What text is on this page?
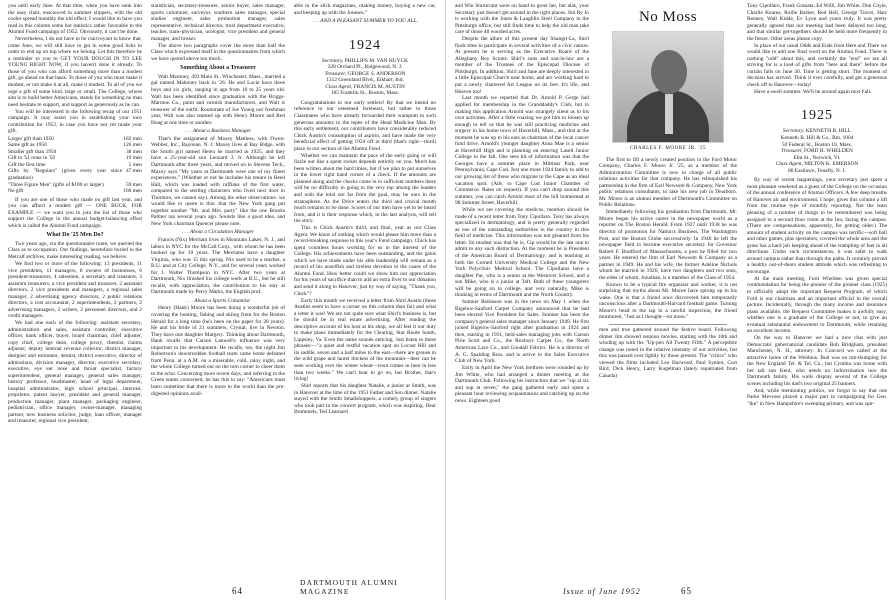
you until early June. At that time, when you have sunk into the easy chair, ensconced in summer slippers, with the old cooler spread monthly the old effect, I would like to have you read in this column some hot statistics rather favorable to the Alumni Fund campaign of 1952. Obviously, it can't be done.

Nevertheless, I do not have to be clairvoyant to know that, come June, we will still have to get in some good licks in order to end up on top where we belong. Let this therefore be a reminder to you to GET YOUR DOUGH IN TO LEE YOUNG RIGHT NOW, if you haven't done it already. To those of you who can afford something more than a modest gift, go ahead on that basis. To those of you who must make it modest, or not make it at all, make it modest. To all of you we urge a gift of some kind, large or small. The College, whose aim is to build better Americans, stands for something no man need hesitate to support, and support as generously as he can.

You will be interested in the following recap of our 1951 campaign. It may assist you in establishing your own contribution for 1952, in case you have not yet made your gift.

Larger gift than 1950	182 men
Same gift as 1950	126 men
Smaller gift than 1950	38 men
Gift in '51 none in '50	19 men
Gift the first time	5 men
Gifts by "Regulars" (given every year since graduation)
47 men
"Three Figure Men" (gifts of $100 or larger)	59 men
No gift	160 men

If you are one of those who made no gift last year, and you can afford a modest gift — ONE BUCK, FOR EXAMPLE — we want you to join the list of those who support the College in the annual budget-balancing effort which is called the Alumni Fund campaign.

What Do '25 Men Do?

Two years ago, via the questionnaire route, we queried the Class as to occupation. Our findings, heretofore buried in the Metcalf archives, make interesting reading, we believe.

We find two or more of the following: 13 presidents, 11 vice presidents, 11 managers, 8 owners of businesses, 6 president-treasurers, 4 salesmen, a secretary and treasurer, 3 assistant treasurers, a vice president and treasurer, 2 assistant directors, 2 vice presidents and managers, a regional sales manager, 2 advertising agency directors, 2 public relations directors, a cost accountant, 2 superintendents, 2 partners, 2 advertising managers, 2 writers, 2 personnel directors, and 2 credit managers.

We had one each of the following: assistant secretary, administration and sales, assistant controller, executive officer, bank officer, buyer, board chairman, chief adjuster, copy chief, college dean, college proxy, chemist, claims adjuster, deputy internal revenue collector, district manager, designer and estimator, dentist, district executive, director of admissions, division manager, director, executive secretary, executive, eye ear nose and throat specialist, factory superintendent, general manager, general sales manager, history professor, headmaster, head of legal department, hospital administrator, high school principal, internist, proprietor, patent lawyer, president and general manager, production manager, plant manager, packaging engineer, pediatrician, office manager, owner-manager, managing partner, new business solicitor, judge, loan officer, manager and treasurer, regional vice president,

statistician, secretary-treasurer, senior buyer, sales manager, sports columnist, surveyor, southern sales manager, special studies engineer, sales promotion manager, sales representative, technical director, trust department executive, teacher, trans-physician, urologist, vice president and general manager, and broker.

The above two paragraphs cover the more than half the Class which expressed itself in the questionnaires from which we have quoted above too much.

Something About a Treasurer

Walt Maroney, 493 Main St., Winchester, Mass., married a gal named Mahoney back in '26. He and Lucie have three boys and six girls, ranging in age from 10 to 25 years old. Walt has been identified since graduation with the Briggs-Marmon Co., paint and varnish manufacturers, and Walt is treasurer of the outfit. Roommate of Joe Young our freshman year, Walt was also teamed up with Henry Moore and Red Hoag at one time or another.

. . . About a Business Manager

That's the assignment of Maxey Mattless, with Owen-Webber, Inc., Bayonne, N. J. Maxey lives at Bay Ridge, with the Smith girl named Helen he married in 1925, and they have a 25-year-old son Leonard J. Jr. Although he left Dartmouth after three years, and moved on to Stevens Tech., Maxey says "My years at Dartmouth were one of my finest experiences." (Whether or not he includes his tenure in Reed Hall, which was loaded with ruffians of the first water, compared to the sterling characters who lived next door in Thornton, we cannot say). Among his other observations: we would like to quote is this: that the New York gang put together another "Mr. and Mrs. party" like the one Brooks Palmer ran several years ago. Sounds like a good idea, and New York chairman Quencer please note.

. . . About a Circulation Manager

Francis (Nix) Merriam lives in Mountain Lakes, N. J., and labors in NYC for the McCall Corp., with whom he has been hooked up for 10 years. The Merriams have a daughter Virginia, who was 15 this spring. Nix used to be a teacher, a B.U. and at City College, N.Y., and for several years worked for J. Walter Thompson in NYC. After two years at Dartmouth, Nix finished his college work at B.U., but he still recalls, with appreciation, the contribution to his stay at Dartmouth made by Percy Marks, the English prof.

. . . About a Sports Columnist

Henry (Hank) Moore has been doing a wonderful job of covering the hunting, fishing and skiing front for the Boston Herald for a long time (he's been on the paper for 28 years). He and his bride of 21 summers, Crystal, live in Newton. They have one daughter Margery. Thinking about Dartmouth, Hank recalls that Carson Lanwell's influence was very important to his development. He recalls, too, the night Jim Robertson's downtrodden football team came home defeated from Penn. at a A.M. on a miserable, cold, rainy night, and the whole College turned out on the torn corner to cheer them to the echo. Concerning more recent days, and referring to the Green teams concerned, he has this to say: "Americans must learn sometime that there is more to the world than the pre-digested opinions avail-

able in the slick magazines, making money, buying a new car, and keeping up with the Joneses."

. . . AND A PLEASANT SUMMER TO YOU ALL.
1924

Secretary, PHILLIPS M. VAN HUYCK

328 Orchard Pl., Ridgewood, N. J.

Treasurer, GEORGE S. ANDERSON

1312 Greenland Blvd., Elkhart, Ind.

Class Agent, FRANCIS M. AUSTIN

185 Franklin St., Boston, Mass.

Congratulations to our early settlers! By that we intend no reference to our esteemed forebears, but rather to those Classmates who have already forwarded their wampum in such generous amounts to the tepee of the Head Medicine Man. By this early settlement, our contributors have considerably reduced Chick Austin's consumption of aspirin, and have made the very beneficial effect of getting 1924 off in third (that's right—third) place in our section of the Alumni Fund.

Whether we can maintain the pace of the early going or will fizzle out like a spent rocket depends entirely on you. Much has been written about the hard times, but if we plan to put ourselves in the lower right hand corner of a check. If the amounts are planned along and the checks come in in sufficient numbers there will be no difficulty in going to the very top among the leaders and with the total not far from the goal, may be ours in the stratosphere. As the Drive enters the third and crucial month much remains to be done. Scores of our men have yet to be heard from, and it is their response which, in the last analysis, will tell the story.

This is Chick Austin's third, and final, year as our Class Agent. We know of nothing which would please him more than a record-breaking response to this year's Fund campaign. Chick has spent countless hours working for us in the interest of the College. His achievements have been outstanding, and the gains which we have made under his able leadership will remain as a record of his unselfish and tireless devotion to the cause of the Alumni Fund. How better could we show him our appreciation for his years of sacrifice than to add an extra fiver to our donation and send it along to Hanover, just by way of saying, "Thank you, Chick"?

Early this month we received a letter from Shirl Austin (these Austins seem to have a corner on this column than far) and what a letter it was! We are not quite sure what Shirl's business is, but he should be in real estate advertising. After reading the descriptive account of his host at his shop, we all feel it our duty to make plans immediately for the Clearing, Star Route South, Lippsiey, Va. Even the name sounds enticing. Just listen to these phrases:—"a quiet and restful vacation spot on Locust Hill and its saddle, seven and a half miles to the east—there are grouse in the wild grape and laurel thickets of the mountain—deer can be seen working over the winter wheat—trout comes in here in less than two weeks." We can't bear to go on, but Brother, that's living!

Shirl reports that his daughter Natalie, a junior at Smith, was in Hanover at the time of the 1951 Father and Son dinner. Natalie stayed with the Smith Smallshoppers, a comely group of singers who took part in the concert program, which was inspiring. Dear Brummels, Ted Learnard

64
DARTMOUTH ALUMNI MAGAZINE

and Win Sturtevant were on hand to greet her, but alas, your Secretary just doesn't get around in the right places. Jim Ry Jo is working with the Jones & Laughlin Steel Company in the Pittsburgh office, but still finds time to help the old man take care of those 40 wooded acres.

Despite the allure of this present day Shangri-La, Shirl finds time to participate in several activities of a civic nature. At present he is serving as the Executive Board of the Alleghany Boy Scouts. Shirl's sons and son-in-law are a member of the Trustees of the Episcopal Diocese of Pittsburgh. In addition, Shirl and Jane are deeply interested in a little Episcopal Church near home, and are working hard to put a newly chartered Art League on its feet. It's life, and Heaven too!

Last month we reported that Dr. Arnold P. Gerge had applied for membership in the Granddaddy's Club, but in making this application Arnold was strangely silent as to his own activities. After a little coaxing we got him to loosen up enough to tell us that he was still practicing medicine and surgery in his home town of Haverhill, Mass., and that at the moment he was up to his ears as chairman of the local cancer fund drive. Arnold's younger daughter Anna Mae is a senior at Haverhill High and is planning on entering Lasell Junior College in the fall. One sees bit of information was that the Georges have a summer place in Mittinar Park, near Pennsylvania, Cape Cod. Just one more 1924 family to add to our growing list of those who migrate to the Cape as an ideal vacation spot. (Adv. to Cape Cod Junior Chamber of Commerce. Rates on request). If you can't drop around this summer, you can catch Arnold most of the hill homestead at 98 Summer Street, Haverhill.

While we are covering the medicos, mention should be made of a recent letter from Tony Cipollaro. Tony has always specialized in dermatology, and is pretty generally regarded as one of the outstanding authorities in the country in this field of medicine. This information was not gleaned from his letter. So modest was that he is, Cip would be the last one to admit to any such distinction. At the moment he is President of the American Board of Dermatology, and is teaching at both the Cornell University Medical College and the New York Polyclinic Medical School. The Cipollaros have a daughter Pat, who is a senior at the Westover School, and a son Mike, who is a junior at Taft. Both of these youngsters will be going on to college, and very naturally, Mike is thinking in terms of Dartmouth and the North Country.

Sumner Robinson was in the news on May 1 when the Bigelow-Sanford Carpet Company announced that he had been elected Vice President for Sales. Sumner has been the company's general sales manager since January 1949. He first joined Bigelow-Sanford right after graduation in 1924 and then, starting in 1931, held sales managing jobs with Carson Pirie Scott and Co., the Roxbury Carpet Co., the North American Lace Co., and Goodall Fabrics. He is a director of A. G. Spalding Bros. and is active in the Sales Executive Club of New York.

Early in April the New York brethren were rounded up by Jim White, who had arranged a dinner meeting at the Dartmouth Club. Following his instruction that we "sip at six and sup at seven," the gang gathered early and spent a pleasant hour reviewing acquaintances and catching up on the news. Eighteen good

No Moss
CHARLES F. MOORE JR. '25

The first to fill a newly created position in the Ford Motor Company, Charles F. Moore Jr. '25, as a member of the Administration Committee is now in charge of all public relations activities for that company. He has relinquished his partnership in the firm of Earl Newsom & Company, New York public relations consultants, to take his new job in Dearborn. Mr. Moore is an alumni member of Dartmouth's Committee on Public Relations.

Immediately following his graduation from Dartmouth, Mr. Moore began his active career in the newspaper world as a reporter on The Boston Herald. From 1927 until 1938 he was director of promotion for Nation's Business, The Washington Post, and the Boston Globe successively. In 1946 he left the newspaper field to become executive secretary for Governor Robert F. Bradford of Massachusetts, a post he filled for two years. He entered the firm of Earl Newsom & Company as a partner in 1949. He and his wife, the former Adeline Nichols whom he married in 1926, have two daughters and two sons, the elder of whom, Jonathan, is a member of the Class of 1954.

Known to be a typical fire organizer and worker, it is not surprising that myths about Mr. Moore have sprung up in his wake. One is that a friend once discovered him temporarily unconscious after a Dartmouth-Harvard football game. Turning Moore's head to the tap in a careful inspection, the friend murmured, "Just as I thought—no moss."

men and true gathered around the festive board. Following dinner Jim showed reunion movies, starting with the 10th and winding up with the "Up-pen All Twenty Fifth." A perceptible change was noted in the relative intensity of our activities, but this was passed over lightly by those present. The "critics" who viewed the films included Leo Harwood, Paul Synnot, Curt Bird, Dick Henry, Larry Kugelman (lately repatriated from Canada)

Tony Cipollaro, Frank Granata, Ed Willi, Jim White, Don Coyle, Charlie Kearns, Rollie Barker, Red Hell, George Traver, Harr Renney, Walt Kidde, Ev Lyon and yours truly. It was pretty generally agreed that our meeting had been delayed too long, and that similar get-togethers should be held more frequently in the future. Other areas please copy.

In place of our usual Odds and Ends from Here and There we would like to add one final word on the Alumni Fund. There is nothing "odd" about this, and certainly the "end" we are all striving for is a load of gifts from "here and there" before the curtain falls on June 30. Time is getting short. The moment of decision has arrived. Think it over carefully, and get a generous check off to Hanover—today!

Have a swell summer. We'll be around again next Fall.

1925

Secretary, KENNETH B. HILL

Kenneth B. Hill & Co., Rm. 1004

50 Federal St., Boston 10, Mass.

Treasurer, FORD H. WHELDEN

Elm St., Norwich, Vt.

Class Agent, MILTON K. EMERSON

80 Eastlawn, Tenafly, N. J.

By way of recent happenings, your secretary just spent a most pleasant weekend as a guest of the College on the occasion of the annual conference of Alumni Officers. A few deep breaths of Hanover air and environment, I hope, gives this column a lift from the routine type of monthly reporting. Not the least pleasing of a number of things to be remembered was being assigned to a second floor room at the Inn, facing the campus. (There are compensations, apparently, for getting older.) The amount of student activity on the campus was terrific—soft ball and other games, plus spectators, covered the whole area and the grass has a hard job keeping ahead of the trampling of feet in all directions. Under such circumstances, it was safer to walk around campus rather than through the paths. It certainly proved a healthy out-of-doors student attitude which was refreshing to encourage.

At the main meeting, Ford Whelden was given special commendation for being the pioneer of the pioneer class (1925) to officially adopt the important Bequest Program, of which Ford is our chairman and an important official in the overall picture. Incidentally, through the many income and insurance plans available, the Bequest Committee makes it awfully easy, whether one is a graduate of the College or not, to give an eventual substantial endowment to Dartmouth, while retaining an excellent income.

On the way to Hanover we had a nice chat with just Democratic gubernatorial candidate Bob Bridgham, president Manchester, N. H., attorney. In Concord we called at the attractive home of the Weldons. Bud was on tub-thumping for the New England Tel. & Tel. Co., but Cynthia was home with her tall son Kent, who needs no indoctrination into the Dartmouth family. His walls display several of the College scenes including his dad's two original 25 banners.

And, while mentioning politics, we forgot to say that one Parke Mevrose played a major part in campaigning for Gen. "Ike" in New Hampshire's sweeping primary, and was spir-

Issue of June 1952	65
